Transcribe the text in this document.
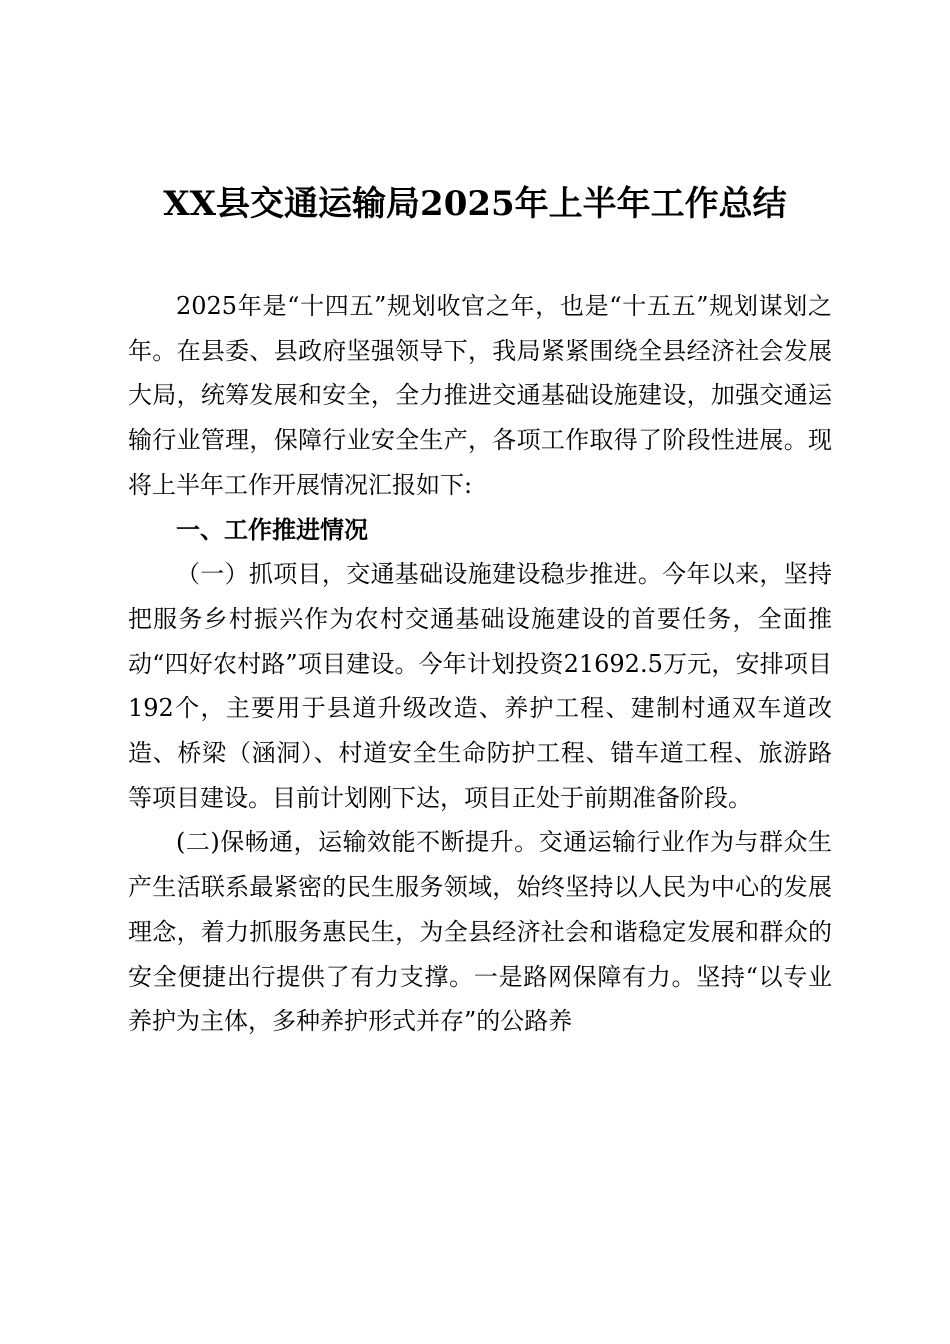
XX县交通运输局2025年上半年工作总结

2025年是“十四五”规划收官之年，也是“十五五”规划谋划之年。在县委、县政府坚强领导下，我局紧紧围绕全县经济社会发展大局，统筹发展和安全，全力推进交通基础设施建设，加强交通运输行业管理，保障行业安全生产，各项工作取得了阶段性进展。现将上半年工作开展情况汇报如下:

一、工作推进情况

（一）抓项目，交通基础设施建设稳步推进。今年以来，坚持把服务乡村振兴作为农村交通基础设施建设的首要任务，全面推动“四好农村路”项目建设。今年计划投资21692.5万元，安排项目192个，主要用于县道升级改造、养护工程、建制村通双车道改造、桥梁（涵洞）、村道安全生命防护工程、错车道工程、旅游路等项目建设。目前计划刚下达，项目正处于前期准备阶段。

(二)保畅通，运输效能不断提升。交通运输行业作为与群众生产生活联系最紧密的民生服务领域，始终坚持以人民为中心的发展理念，着力抓服务惠民生，为全县经济社会和谐稳定发展和群众的安全便捷出行提供了有力支撑。一是路网保障有力。坚持“以专业养护为主体，多种养护形式并存”的公路养
